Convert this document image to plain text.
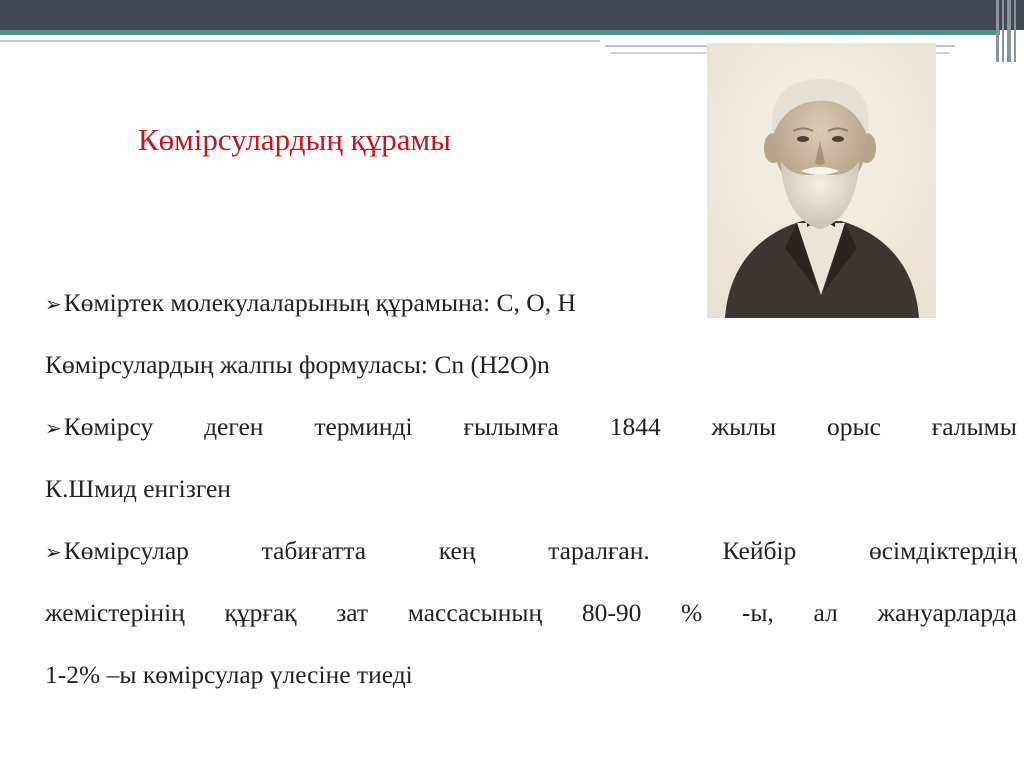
Көмірсулардың құрамы
➢Көміртек молекулаларының құрамына: С, О, Н
Көмірсулардың жалпы формуласы: Сn (Н2О)n
➢Көмірсу деген терминді ғылымға 1844 жылы орыс ғалымы
К.Шмид енгізген
➢Көмірсулар	табиғатта	кең	таралған.	Кейбір	өсімдіктердің
жемістерінің құрғақ зат массасының 80-90 % -ы, ал жануарларда
1-2% –ы көмірсулар үлесіне тиеді
